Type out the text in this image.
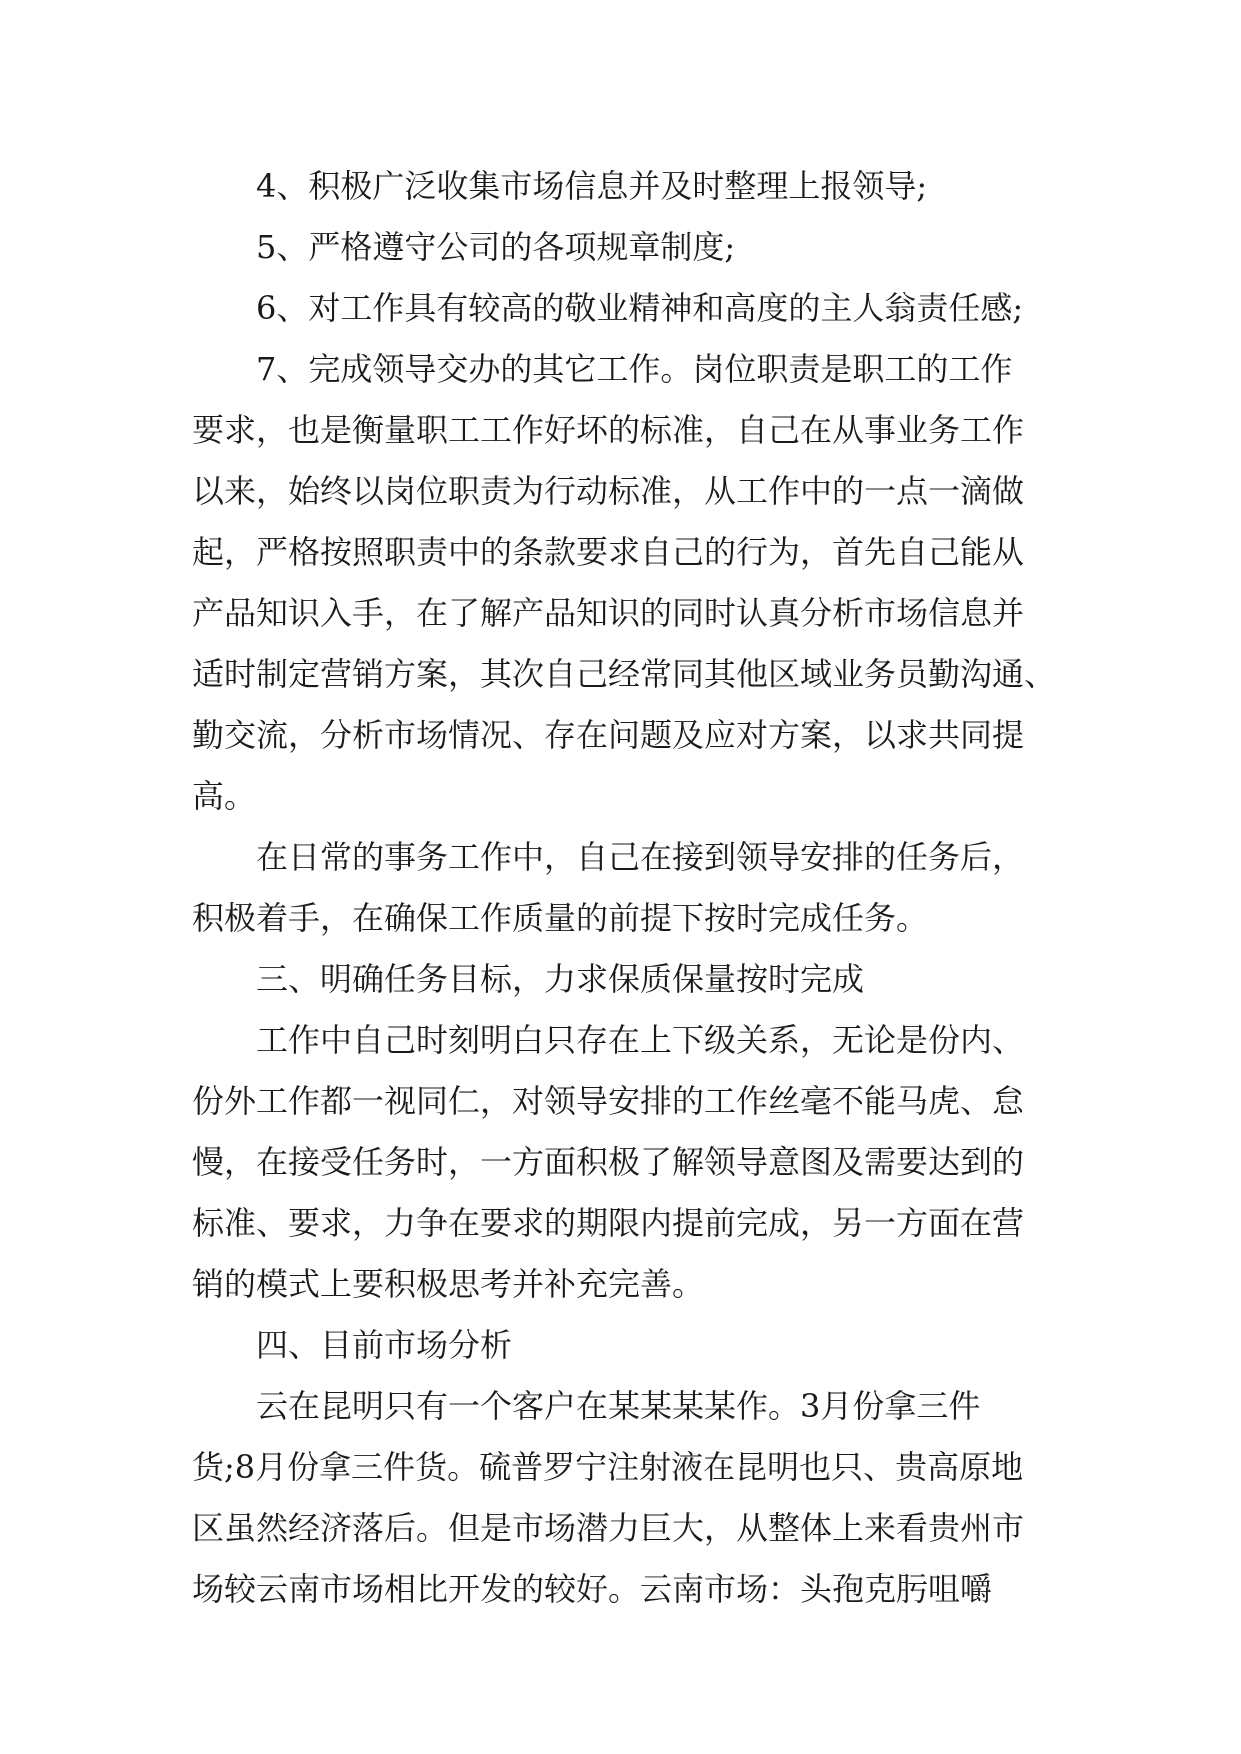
4、积极广泛收集市场信息并及时整理上报领导;
5、严格遵守公司的各项规章制度;
6、对工作具有较高的敬业精神和高度的主人翁责任感;
7、完成领导交办的其它工作。岗位职责是职工的工作
要求，也是衡量职工工作好坏的标准，自己在从事业务工作
以来，始终以岗位职责为行动标准，从工作中的一点一滴做
起，严格按照职责中的条款要求自己的行为，首先自己能从
产品知识入手，在了解产品知识的同时认真分析市场信息并
适时制定营销方案，其次自己经常同其他区域业务员勤沟通、
勤交流，分析市场情况、存在问题及应对方案，以求共同提
高。
在日常的事务工作中，自己在接到领导安排的任务后，
积极着手，在确保工作质量的前提下按时完成任务。
三、明确任务目标，力求保质保量按时完成
工作中自己时刻明白只存在上下级关系，无论是份内、
份外工作都一视同仁，对领导安排的工作丝毫不能马虎、怠
慢，在接受任务时，一方面积极了解领导意图及需要达到的
标准、要求，力争在要求的期限内提前完成，另一方面在营
销的模式上要积极思考并补充完善。
四、目前市场分析
云在昆明只有一个客户在某某某某作。3月份拿三件
货;8月份拿三件货。硫普罗宁注射液在昆明也只、贵高原地
区虽然经济落后。但是市场潜力巨大，从整体上来看贵州市
场较云南市场相比开发的较好。云南市场：头孢克肟咀嚼
